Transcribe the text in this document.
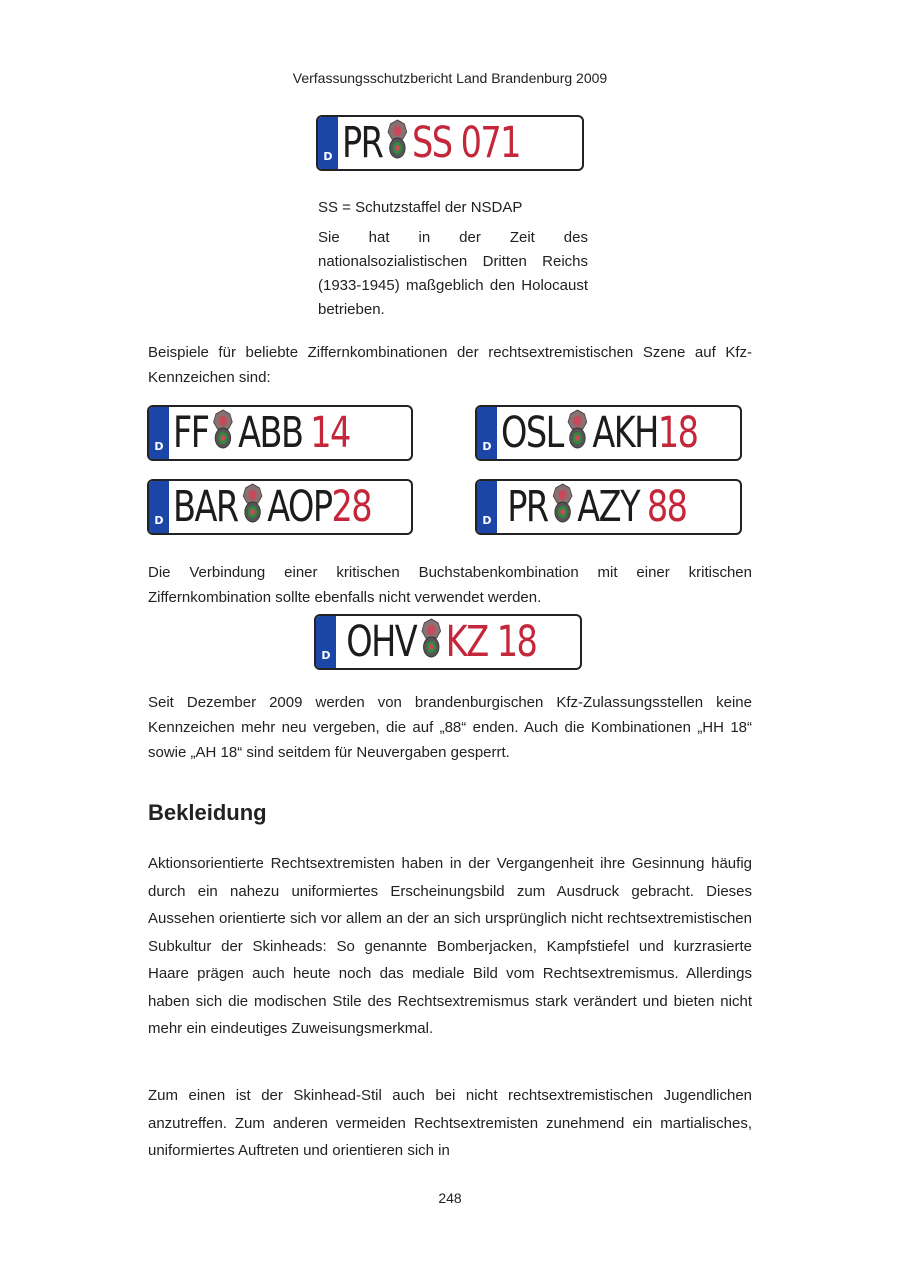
Verfassungsschutzbericht Land Brandenburg 2009
D PR SS 071

SS = Schutzstaffel der NSDAP

Sie hat in der Zeit des nationalsozialistischen Dritten Reichs (1933-1945) maßgeblich den Holocaust betrieben.

Beispiele für beliebte Ziffernkombinationen der rechtsextremistischen Szene auf Kfz-Kennzeichen sind:

D FF ABB 14	D OSL AKH 18
D BAR AOP 28	D PR AZY 88

Die Verbindung einer kritischen Buchstabenkombination mit einer kritischen Ziffernkombination sollte ebenfalls nicht verwendet werden.

D OHV KZ 18

Seit Dezember 2009 werden von brandenburgischen Kfz-Zulassungsstellen keine Kennzeichen mehr neu vergeben, die auf „88“ enden. Auch die Kombinationen „HH 18“ sowie „AH 18“ sind seitdem für Neuvergaben gesperrt.

Bekleidung

Aktionsorientierte Rechtsextremisten haben in der Vergangenheit ihre Gesinnung häufig durch ein nahezu uniformiertes Erscheinungsbild zum Ausdruck gebracht. Dieses Aussehen orientierte sich vor allem an der an sich ursprünglich nicht rechtsextremistischen Subkultur der Skinheads: So genannte Bomberjacken, Kampfstiefel und kurzrasierte Haare prägen auch heute noch das mediale Bild vom Rechtsextremismus. Allerdings haben sich die modischen Stile des Rechtsextremismus stark verändert und bieten nicht mehr ein eindeutiges Zuweisungsmerkmal.

Zum einen ist der Skinhead-Stil auch bei nicht rechtsextremistischen Jugendlichen anzutreffen. Zum anderen vermeiden Rechtsextremisten zunehmend ein martialisches, uniformiertes Auftreten und orientieren sich in

248
